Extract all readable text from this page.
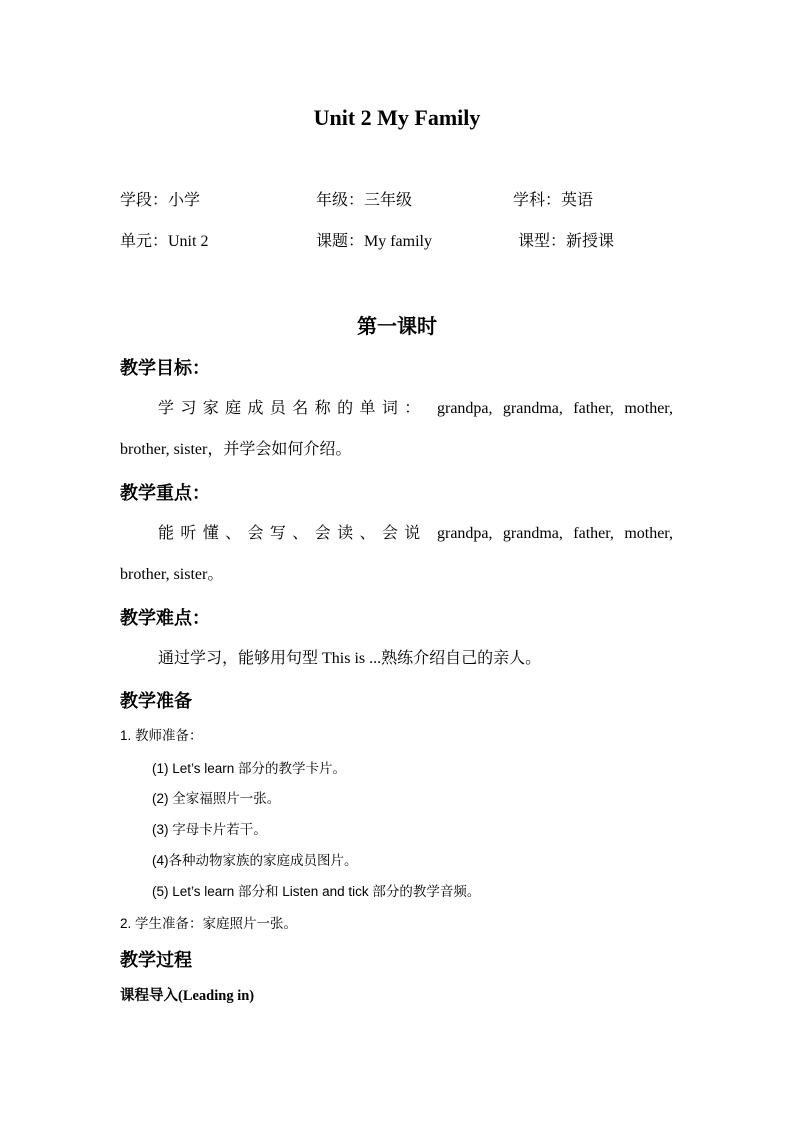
Unit 2 My Family
学段：小学	年级：三年级	学科：英语
单元：Unit 2	课题：My family	课型：新授课
第一课时
教学目标：
学习家庭成员名称的单词： grandpa, grandma, father, mother,
brother, sister，并学会如何介绍。
教学重点：
能听懂、会写、会读、会说 grandpa, grandma, father, mother,
brother, sister。
教学难点：
通过学习，能够用句型 This is ...熟练介绍自己的亲人。
教学准备
1. 教师准备：
(1) Let’s learn 部分的教学卡片。
(2) 全家福照片一张。
(3) 字母卡片若干。
(4)各种动物家族的家庭成员图片。
(5) Let’s learn 部分和 Listen and tick 部分的教学音频。
2. 学生准备：家庭照片一张。
教学过程
课程导入(Leading in)
